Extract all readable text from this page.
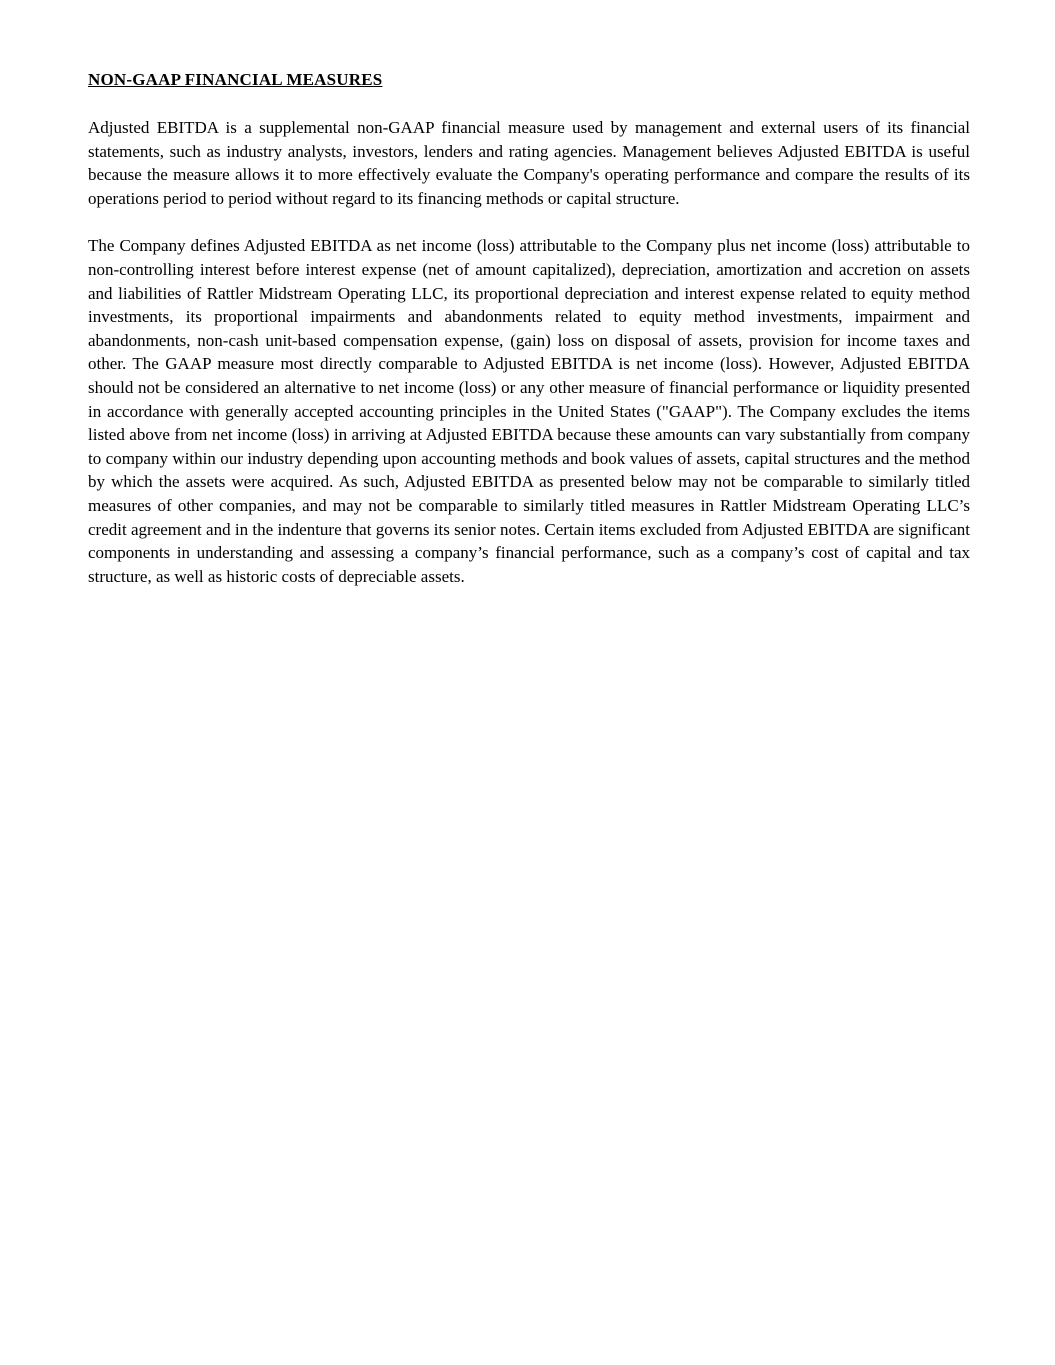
NON-GAAP FINANCIAL MEASURES

Adjusted EBITDA is a supplemental non-GAAP financial measure used by management and external users of its financial statements, such as industry analysts, investors, lenders and rating agencies. Management believes Adjusted EBITDA is useful because the measure allows it to more effectively evaluate the Company's operating performance and compare the results of its operations period to period without regard to its financing methods or capital structure.

The Company defines Adjusted EBITDA as net income (loss) attributable to the Company plus net income (loss) attributable to non-controlling interest before interest expense (net of amount capitalized), depreciation, amortization and accretion on assets and liabilities of Rattler Midstream Operating LLC, its proportional depreciation and interest expense related to equity method investments, its proportional impairments and abandonments related to equity method investments, impairment and abandonments, non-cash unit-based compensation expense, (gain) loss on disposal of assets, provision for income taxes and other. The GAAP measure most directly comparable to Adjusted EBITDA is net income (loss). However, Adjusted EBITDA should not be considered an alternative to net income (loss) or any other measure of financial performance or liquidity presented in accordance with generally accepted accounting principles in the United States ("GAAP"). The Company excludes the items listed above from net income (loss) in arriving at Adjusted EBITDA because these amounts can vary substantially from company to company within our industry depending upon accounting methods and book values of assets, capital structures and the method by which the assets were acquired. As such, Adjusted EBITDA as presented below may not be comparable to similarly titled measures of other companies, and may not be comparable to similarly titled measures in Rattler Midstream Operating LLC’s credit agreement and in the indenture that governs its senior notes. Certain items excluded from Adjusted EBITDA are significant components in understanding and assessing a company’s financial performance, such as a company’s cost of capital and tax structure, as well as historic costs of depreciable assets.
